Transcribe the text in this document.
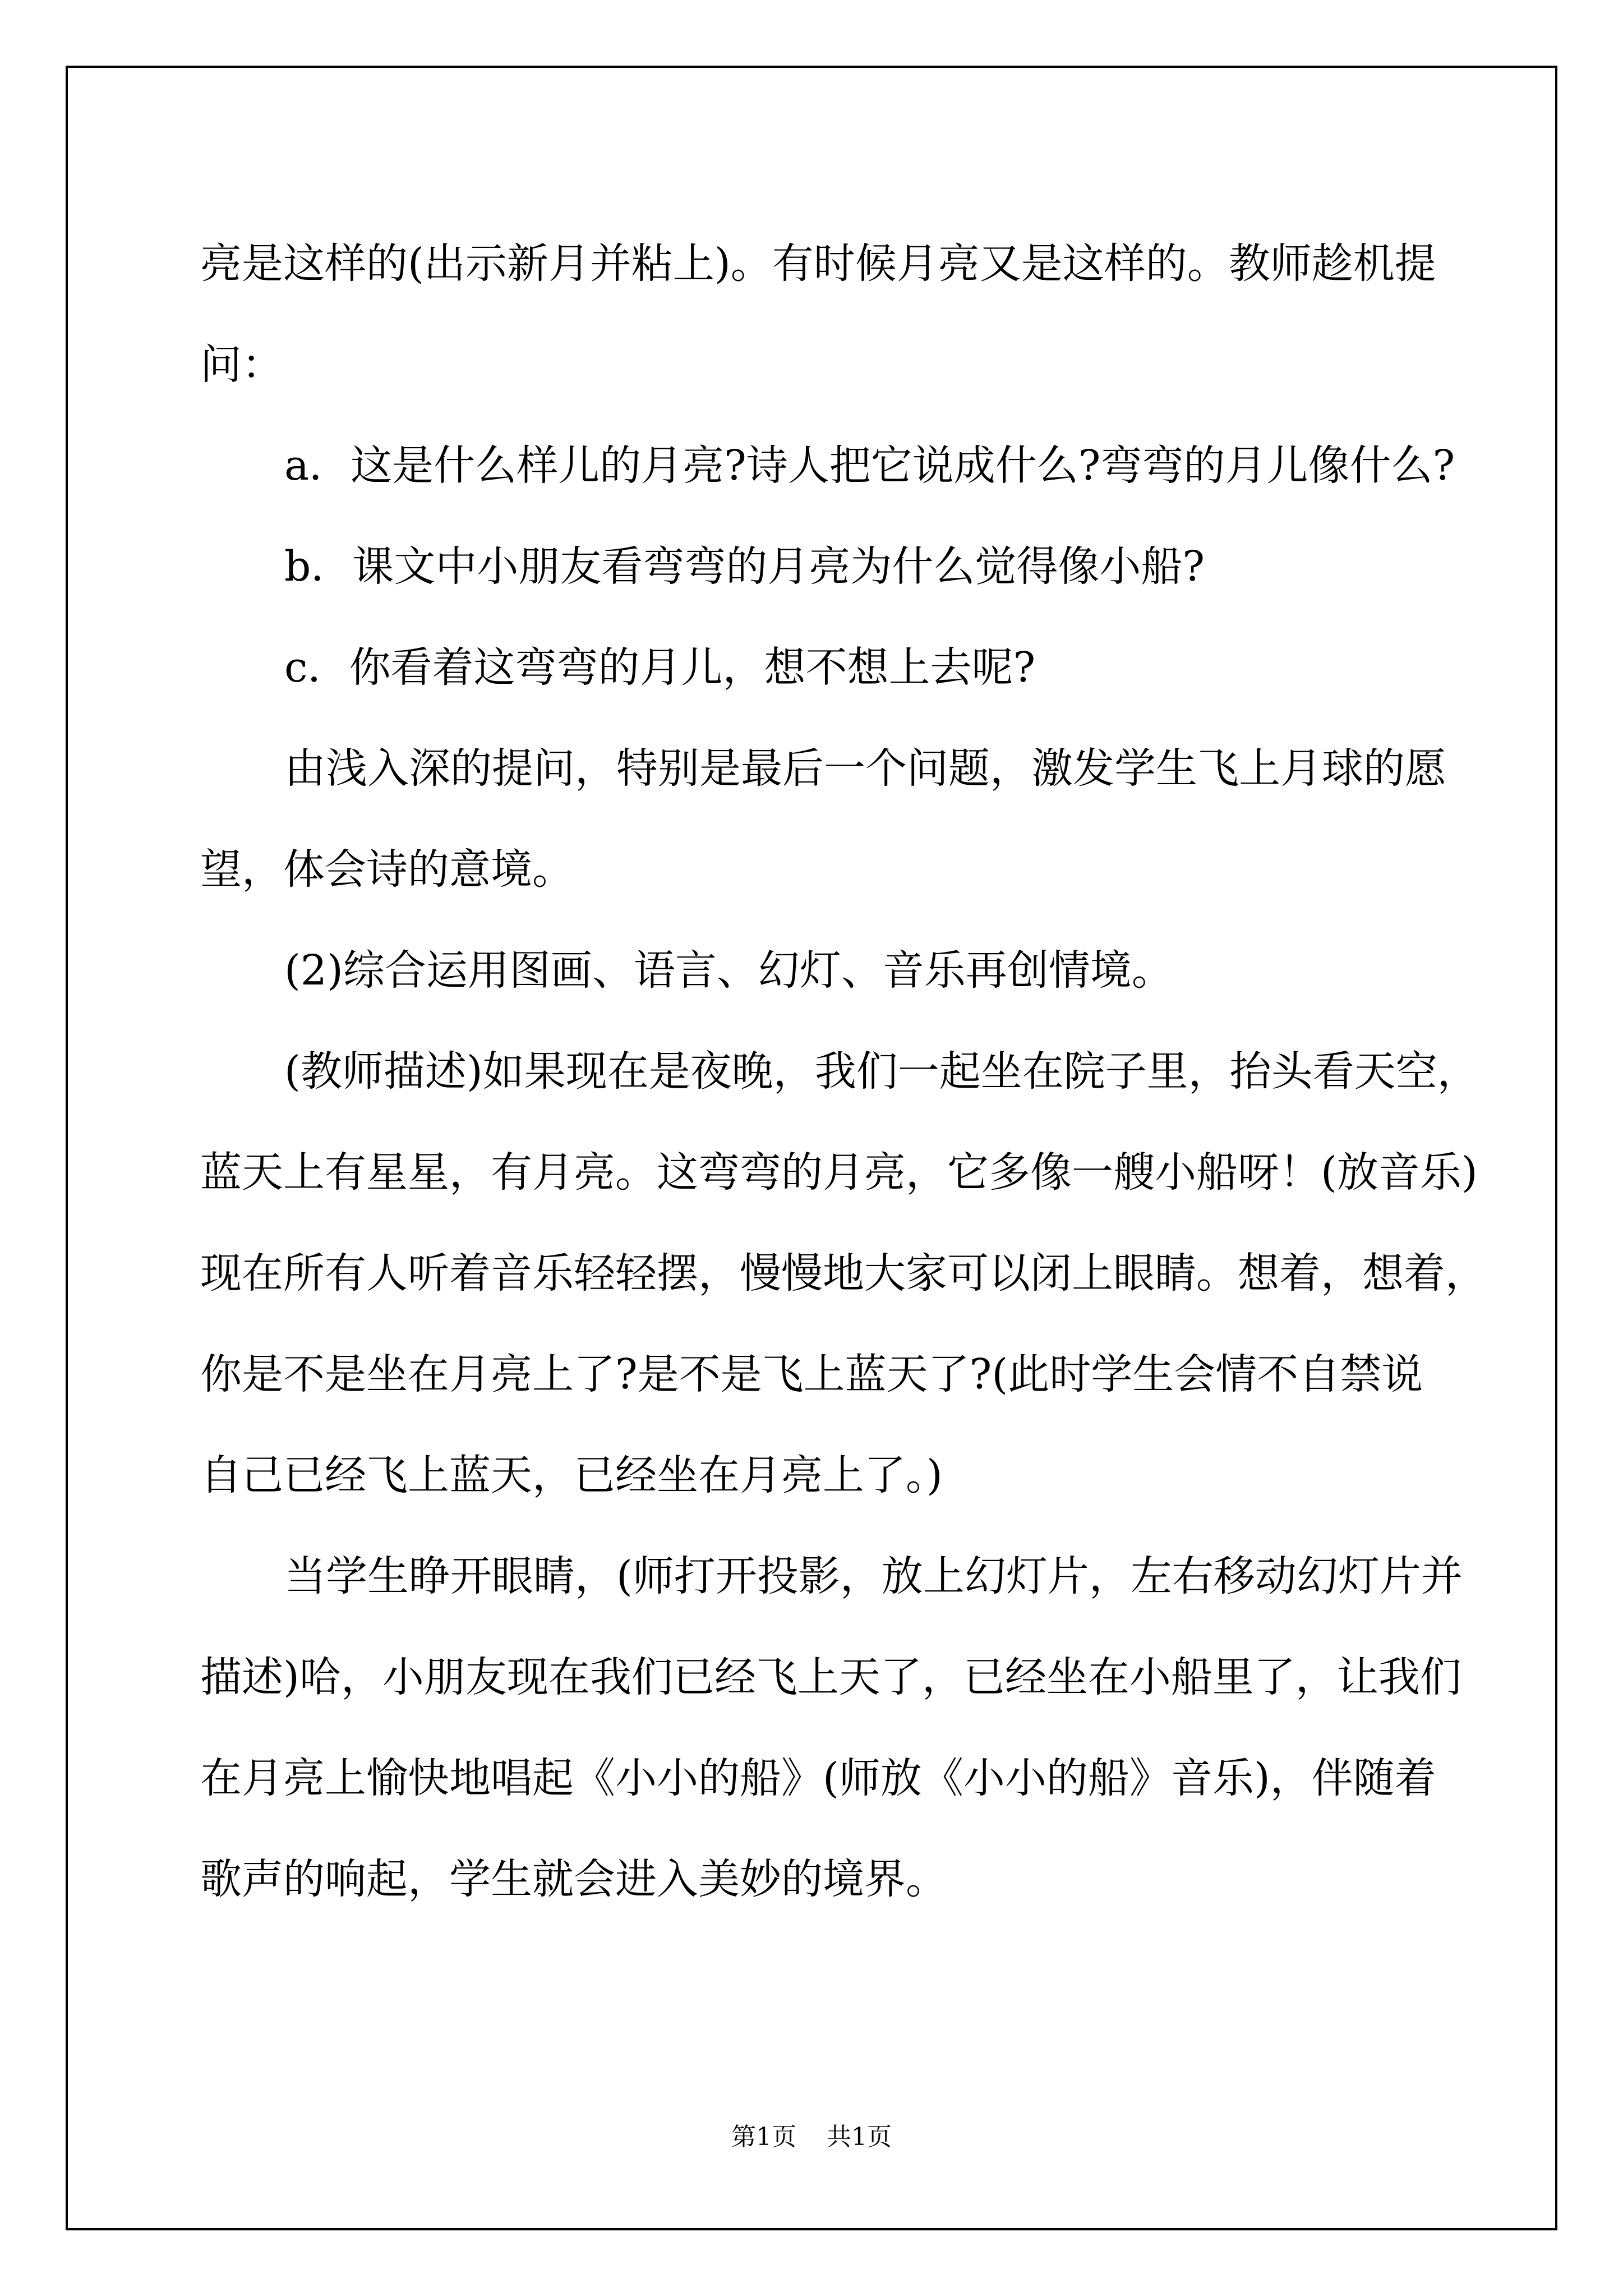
亮是这样的(出示新月并粘上)。有时候月亮又是这样的。教师趁机提
问：
a．这是什么样儿的月亮?诗人把它说成什么?弯弯的月儿像什么?
b．课文中小朋友看弯弯的月亮为什么觉得像小船?
c．你看着这弯弯的月儿，想不想上去呢?
由浅入深的提问，特别是最后一个问题，激发学生飞上月球的愿
望，体会诗的意境。
(2)综合运用图画、语言、幻灯、音乐再创情境。
(教师描述)如果现在是夜晚，我们一起坐在院子里，抬头看天空，
蓝天上有星星，有月亮。这弯弯的月亮，它多像一艘小船呀！(放音乐)
现在所有人听着音乐轻轻摆，慢慢地大家可以闭上眼睛。想着，想着，
你是不是坐在月亮上了?是不是飞上蓝天了?(此时学生会情不自禁说
自己已经飞上蓝天，已经坐在月亮上了。)
当学生睁开眼睛，(师打开投影，放上幻灯片，左右移动幻灯片并
描述)哈，小朋友现在我们已经飞上天了，已经坐在小船里了，让我们
在月亮上愉快地唱起《小小的船》(师放《小小的船》音乐)，伴随着
歌声的响起，学生就会进入美妙的境界。
第1页 共1页
